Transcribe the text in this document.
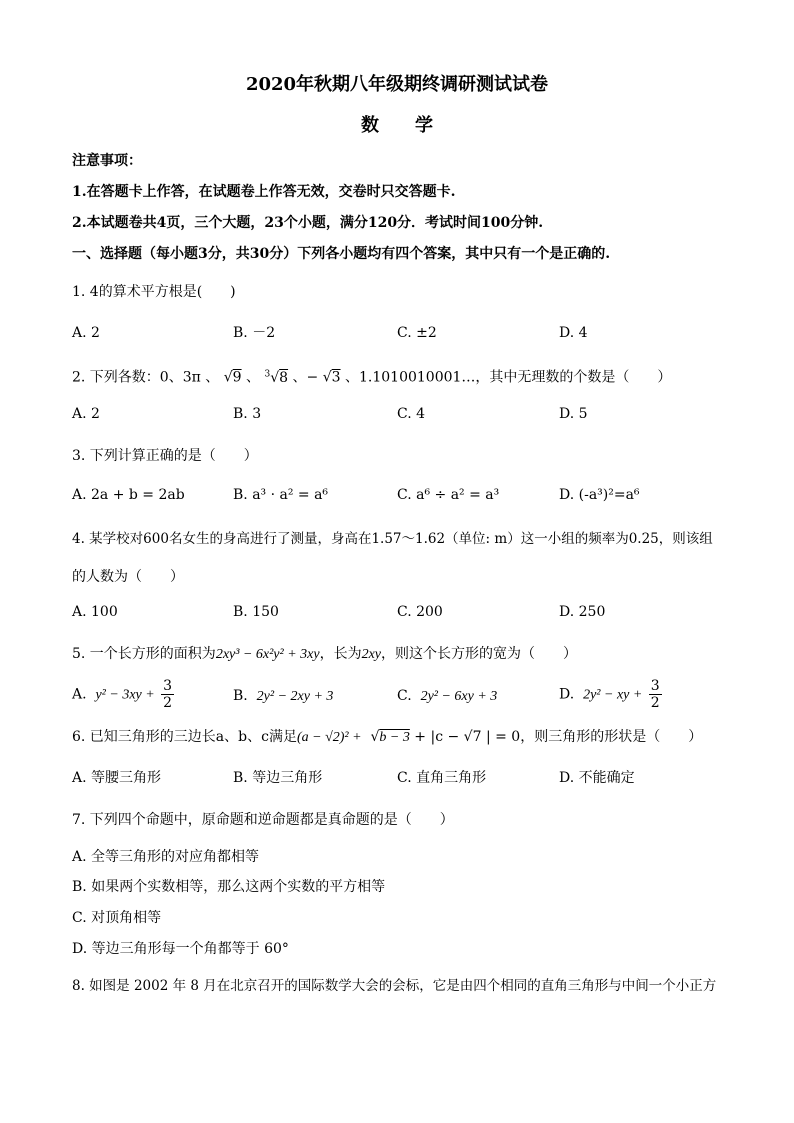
2020年秋期八年级期终调研测试试卷
数学
注意事项：
1.在答题卡上作答，在试题卷上作答无效，交卷时只交答题卡.
2.本试题卷共4页，三个大题，23个小题，满分120分．考试时间100分钟.
一、选择题（每小题3分，共30分）下列各小题均有四个答案，其中只有一个是正确的.
1. 4的算术平方根是(　　)
A. 2	B. －2	C. ±2	D. 4
2. 下列各数：0、3π 、 √9 、 $^3$√8 、− √3 、1.1010010001…，其中无理数的个数是（　　）
A. 2	B. 3	C. 4	D. 5
3. 下列计算正确的是（　　）
A. 2a + b = 2ab	B. a³ · a² = a⁶	C. a⁶ ÷ a² = a³	D. (-a³)²=a⁶
4. 某学校对600名女生的身高进行了测量，身高在1.57～1.62（单位: m）这一小组的频率为0.25，则该组
的人数为（　　）
A. 100	B. 150	C. 200	D. 250
5. 一个长方形的面积为2xy³ − 6x²y² + 3xy，长为2xy，则这个长方形的宽为（　　）
A. $y^2 - 3xy + \frac{3}{2}$	B. 2y² − 2xy + 3	C. 2y² − 6xy + 3	D. 2y² − xy + $\frac{3}{2}$
6. 已知三角形的三边长a、b、c满足(a − √2)² +  √b − 3 + |c − √7 | = 0，则三角形的形状是（　　）
A. 等腰三角形	B. 等边三角形	C. 直角三角形	D. 不能确定
7. 下列四个命题中，原命题和逆命题都是真命题的是（　　）
A. 全等三角形的对应角都相等
B. 如果两个实数相等，那么这两个实数的平方相等
C. 对顶角相等
D. 等边三角形每一个角都等于 60°
8. 如图是 2002 年 8 月在北京召开的国际数学大会的会标，它是由四个相同的直角三角形与中间一个小正方
